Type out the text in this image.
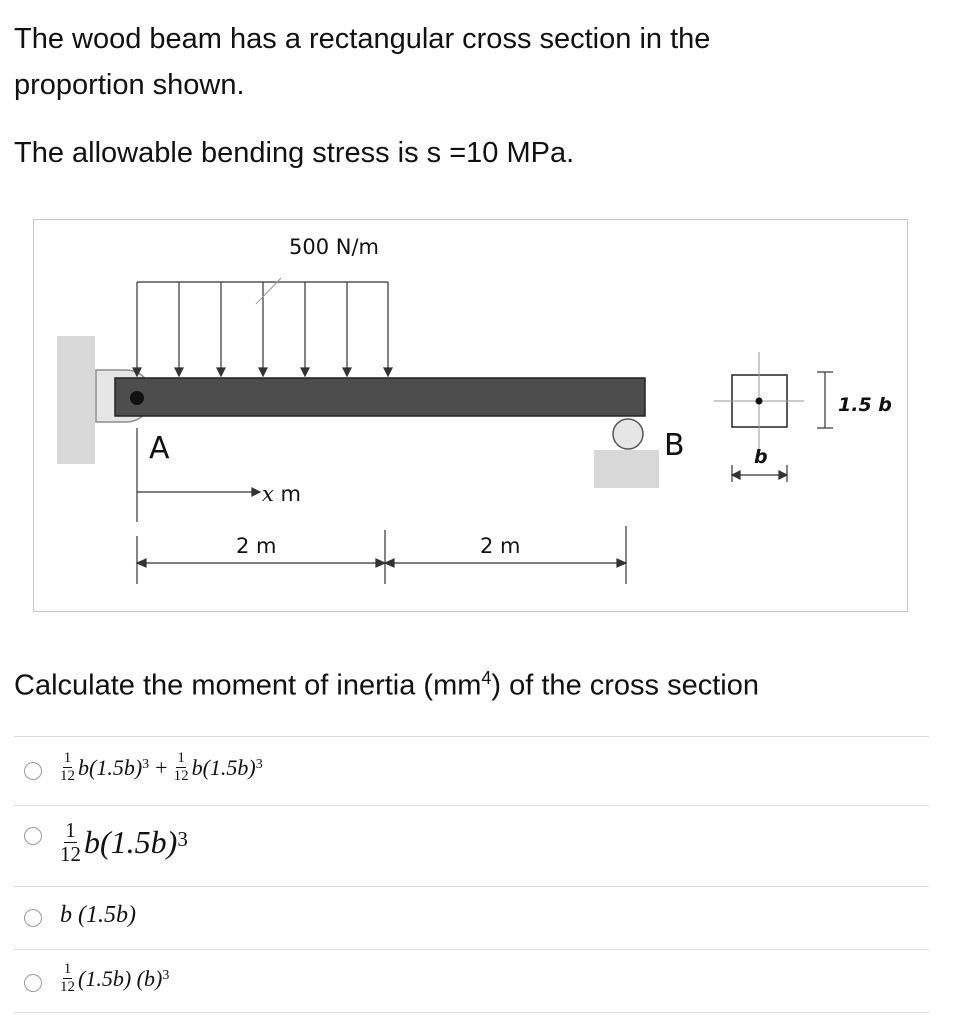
The wood beam has a rectangular cross section in the

proportion shown.

The allowable bending stress is s =10 MPa.
500 N/m
A	B
x m
2 m	2 m
1.5 b
b
Calculate the moment of inertia $(mm^4)$ of the cross section
$\frac{1}{12} b(1.5b)^3 + \frac{1}{12} b(1.5b)^3$
$\frac{1}{12} b(1.5b)^3$
b (1.5b)
$\frac{1}{12} (1.5b)$ $(b)^3$
